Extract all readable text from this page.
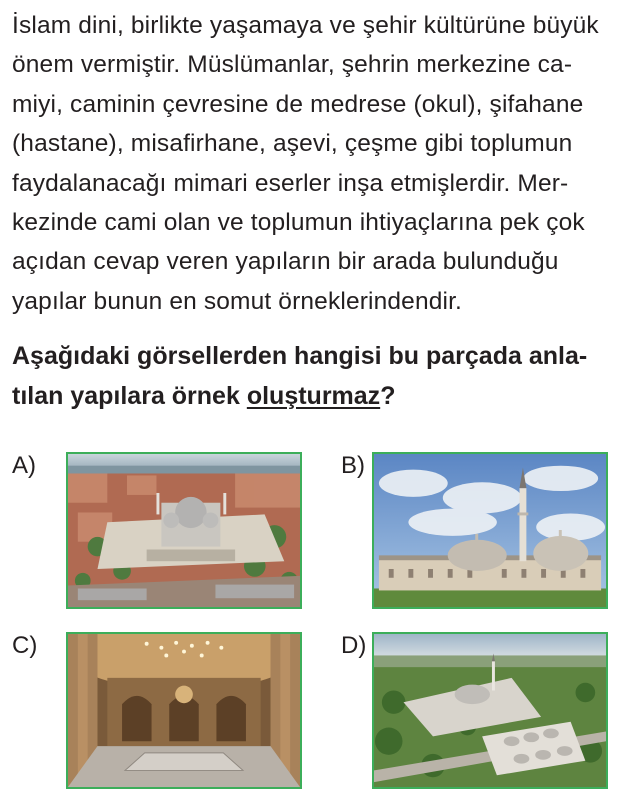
İslam dini, birlikte yaşamaya ve şehir kültürüne büyük
önem vermiştir. Müslümanlar, şehrin merkezine ca-
miyi, caminin çevresine de medrese (okul), şifahane
(hastane), misafirhane, aşevi, çeşme gibi toplumun
faydalanacağı mimari eserler inşa etmişlerdir. Mer-
kezinde cami olan ve toplumun ihtiyaçlarına pek çok
açıdan cevap veren yapıların bir arada bulunduğu
yapılar bunun en somut örneklerindendir.
Aşağıdaki görsellerden hangisi bu parçada anla-
tılan yapılara örnek oluşturmaz?
A)	B)
C)	D)
